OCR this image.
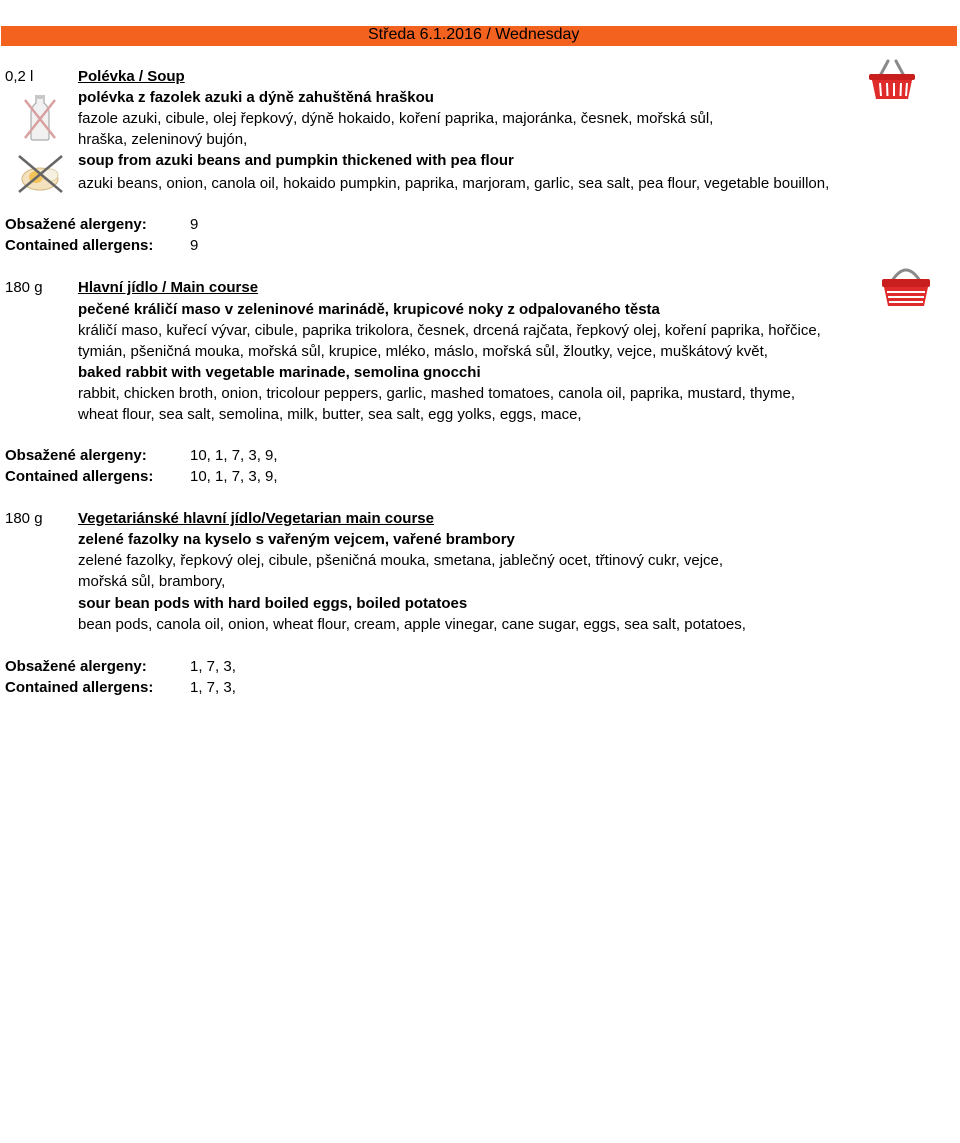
Středa 6.1.2016 / Wednesday
0,2 l	Polévka / Soup
polévka z fazolek azuki a dýně zahuštěná hraškou
fazole azuki, cibule, olej řepkový, dýně hokaido, koření paprika, majoránka, česnek, mořská sůl,
hraška, zeleninový bujón,
soup from azuki beans and pumpkin thickened with pea flour
azuki beans, onion, canola oil, hokaido pumpkin, paprika, marjoram, garlic, sea salt, pea flour, vegetable bouillon,
Obsažené alergeny:	9
Contained allergens: 9
180 g Hlavní jídlo / Main course
pečené králičí maso v zeleninové marinádě, krupicové noky z odpalovaného těsta
králičí maso, kuřecí vývar, cibule, paprika trikolora, česnek, drcená rajčata, řepkový olej, koření paprika, hořčice,
tymián, pšeničná mouka, mořská sůl, krupice, mléko, máslo, mořská sůl, žloutky, vejce, muškátový květ,
baked rabbit with vegetable marinade, semolina gnocchi
rabbit, chicken broth, onion, tricolour peppers, garlic, mashed tomatoes, canola oil, paprika, mustard, thyme,
wheat flour, sea salt, semolina, milk, butter, sea salt, egg yolks, eggs, mace,
Obsažené alergeny:	10, 1, 7, 3, 9,
Contained allergens: 10, 1, 7, 3, 9,
180 g Vegetariánské hlavní jídlo/Vegetarian main course
zelené fazolky na kyselo s vařeným vejcem, vařené brambory
zelené fazolky, řepkový olej, cibule, pšeničná mouka, smetana, jablečný ocet, třtinový cukr, vejce,
mořská sůl, brambory,
sour bean pods with hard boiled eggs, boiled potatoes
bean pods, canola oil, onion, wheat flour, cream, apple vinegar, cane sugar, eggs, sea salt, potatoes,
Obsažené alergeny:	1, 7, 3,
Contained allergens: 1, 7, 3,
